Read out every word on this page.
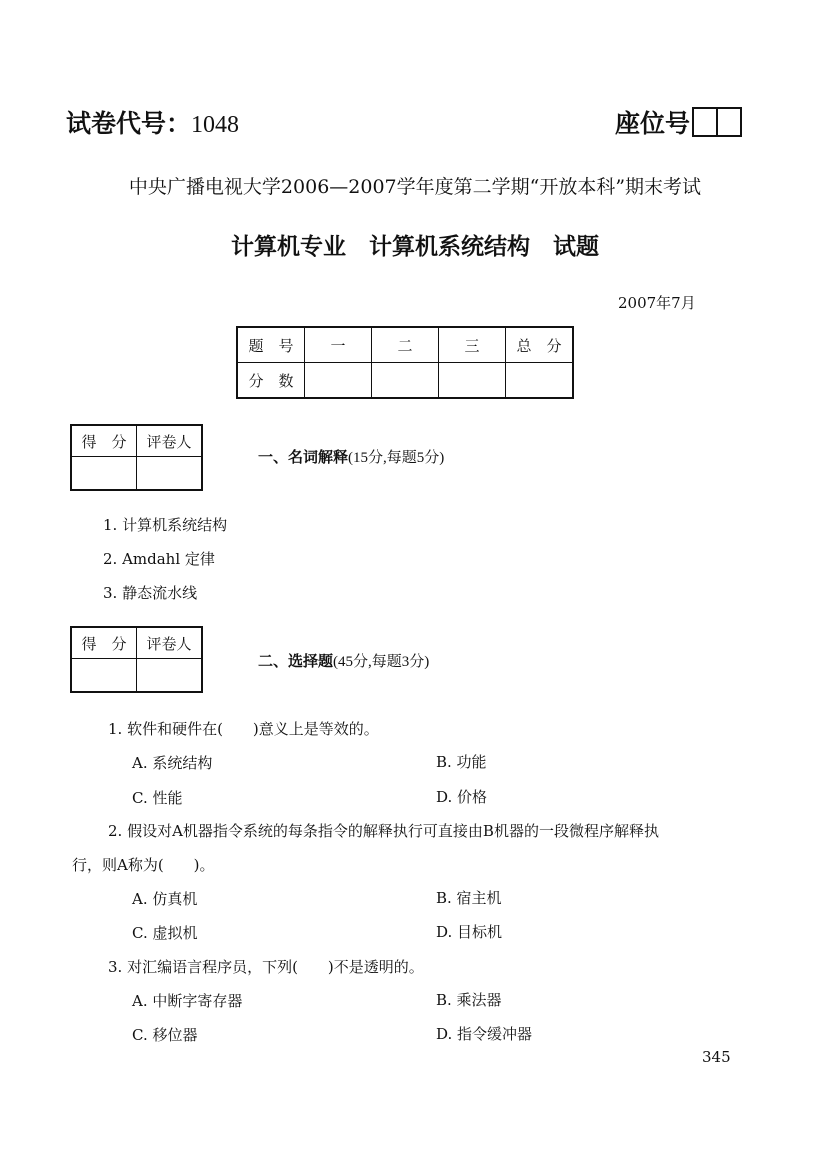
试卷代号：1048	座位号
中央广播电视大学2006—2007学年度第二学期“开放本科”期末考试
计算机专业　计算机系统结构　试题
2007年7月
题　号	一	二	三	总　分
分　数				
得　分	评卷人

一、名词解释(15分,每题5分)
1. 计算机系统结构
2. Amdahl 定律
3. 静态流水线
得　分	评卷人

二、选择题(45分,每题3分)
1. 软件和硬件在(　　)意义上是等效的。
A. 系统结构	B. 功能
C. 性能	D. 价格
2. 假设对A机器指令系统的每条指令的解释执行可直接由B机器的一段微程序解释执
行，则A称为(　　)。
A. 仿真机	B. 宿主机
C. 虚拟机	D. 目标机
3. 对汇编语言程序员，下列(　　)不是透明的。
A. 中断字寄存器	B. 乘法器
C. 移位器	D. 指令缓冲器
345
